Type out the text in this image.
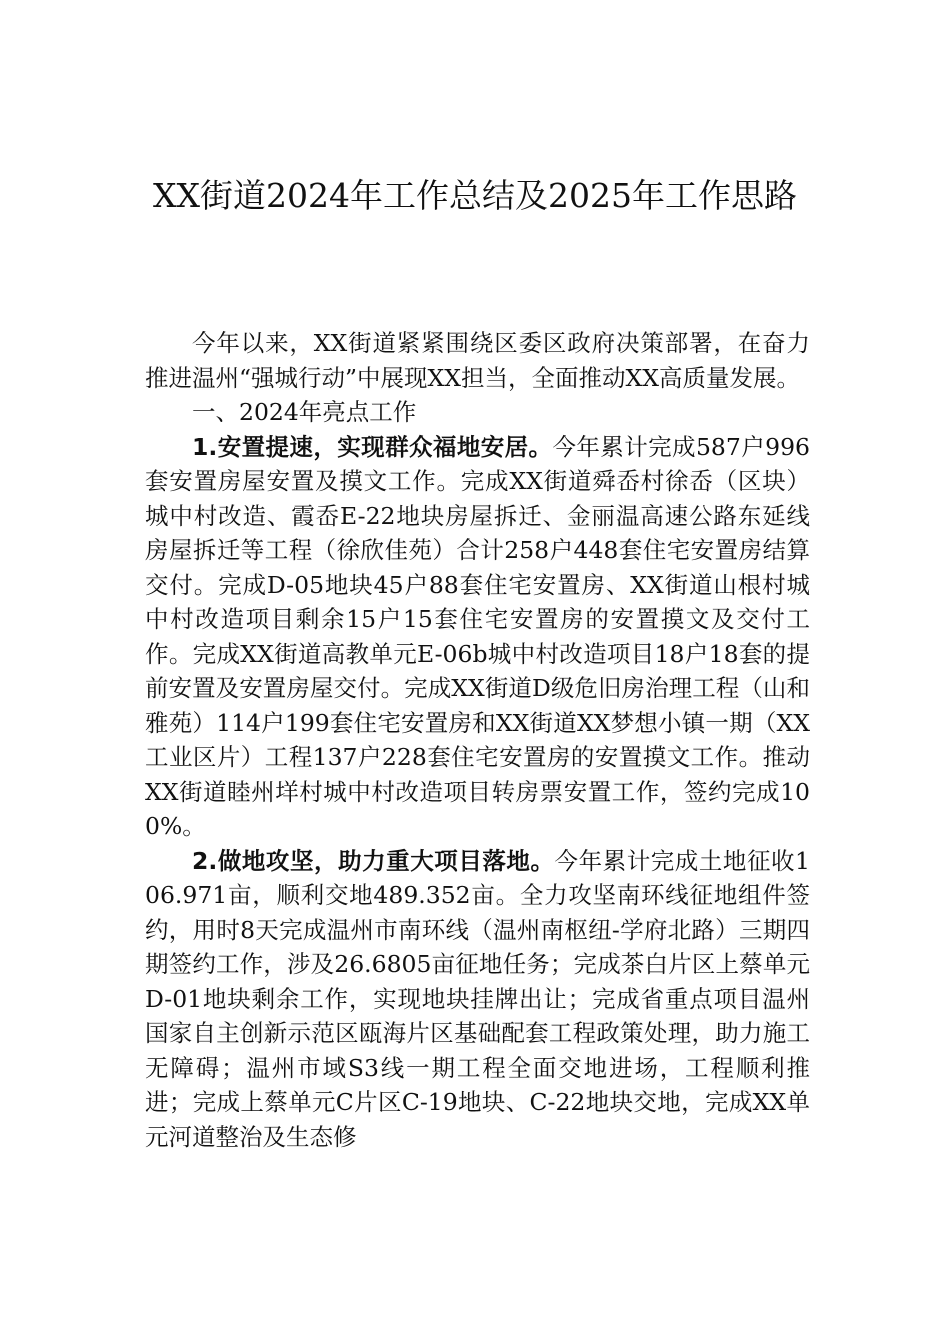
XX街道2024年工作总结及2025年工作思路

今年以来，XX街道紧紧围绕区委区政府决策部署，在奋力推进温州“强城行动”中展现XX担当，全面推动XX高质量发展。

一、2024年亮点工作

1.安置提速，实现群众福地安居。今年累计完成587户996套安置房屋安置及摸文工作。完成XX街道舜岙村徐岙（区块）城中村改造、霞岙E-22地块房屋拆迁、金丽温高速公路东延线房屋拆迁等工程（徐欣佳苑）合计258户448套住宅安置房结算交付。完成D-05地块45户88套住宅安置房、XX街道山根村城中村改造项目剩余15户15套住宅安置房的安置摸文及交付工作。完成XX街道高教单元E-06b城中村改造项目18户18套的提前安置及安置房屋交付。完成XX街道D级危旧房治理工程（山和雅苑）114户199套住宅安置房和XX街道XX梦想小镇一期（XX工业区片）工程137户228套住宅安置房的安置摸文工作。推动XX街道睦州垟村城中村改造项目转房票安置工作，签约完成100%。

2.做地攻坚，助力重大项目落地。今年累计完成土地征收106.971亩，顺利交地489.352亩。全力攻坚南环线征地组件签约，用时8天完成温州市南环线（温州南枢纽-学府北路）三期四期签约工作，涉及26.6805亩征地任务；完成茶白片区上蔡单元D-01地块剩余工作，实现地块挂牌出让；完成省重点项目温州国家自主创新示范区瓯海片区基础配套工程政策处理，助力施工无障碍；温州市域S3线一期工程全面交地进场，工程顺利推进；完成上蔡单元C片区C-19地块、C-22地块交地，完成XX单元河道整治及生态修
